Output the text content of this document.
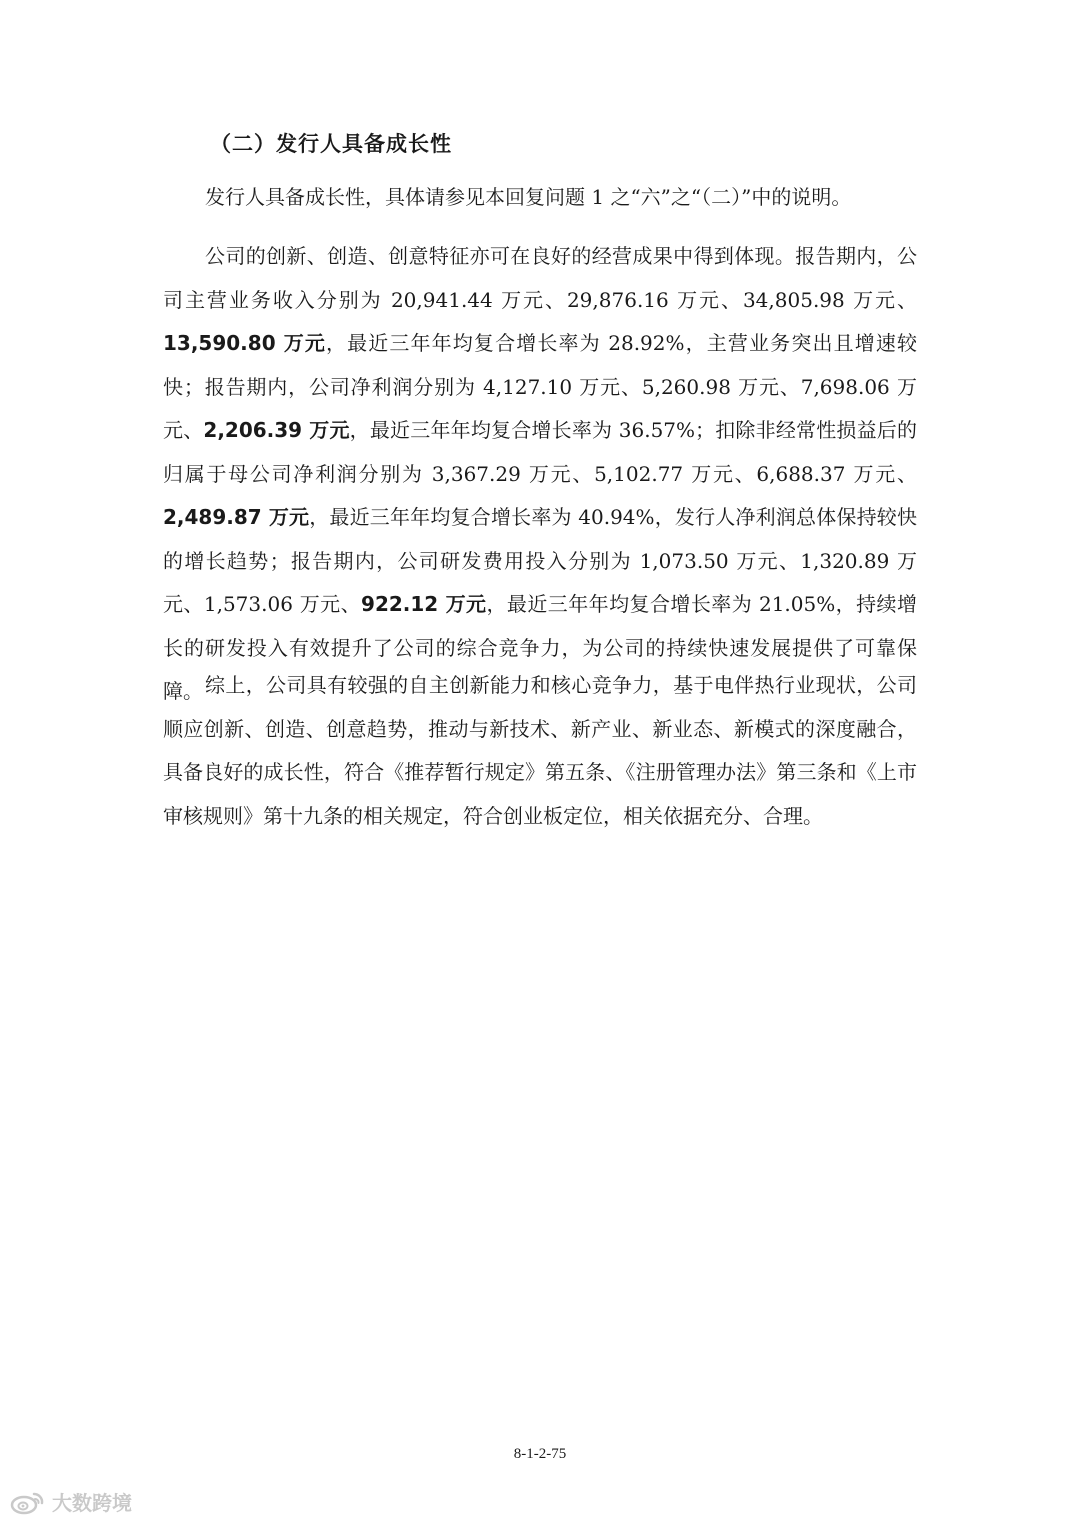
（二）发行人具备成长性

发行人具备成长性，具体请参见本回复问题 1 之“六”之“（二）”中的说明。

公司的创新、创造、创意特征亦可在良好的经营成果中得到体现。报告期内，公司主营业务收入分别为 20,941.44 万元、29,876.16 万元、34,805.98 万元、13,590.80 万元，最近三年年均复合增长率为 28.92%，主营业务突出且增速较快；报告期内，公司净利润分别为 4,127.10 万元、5,260.98 万元、7,698.06 万元、2,206.39 万元，最近三年年均复合增长率为 36.57%；扣除非经常性损益后的归属于母公司净利润分别为 3,367.29 万元、5,102.77 万元、6,688.37 万元、2,489.87 万元，最近三年年均复合增长率为 40.94%，发行人净利润总体保持较快的增长趋势；报告期内，公司研发费用投入分别为 1,073.50 万元、1,320.89 万元、1,573.06 万元、922.12 万元，最近三年年均复合增长率为 21.05%，持续增长的研发投入有效提升了公司的综合竞争力，为公司的持续快速发展提供了可靠保障。 综上，公司具有较强的自主创新能力和核心竞争力，基于电伴热行业现状，公司顺应创新、创造、创意趋势，推动与新技术、新产业、新业态、新模式的深度融合，具备良好的成长性，符合《推荐暂行规定》第五条、《注册管理办法》第三条和《上市审核规则》第十九条的相关规定，符合创业板定位，相关依据充分、合理。

8-1-2-75
大数跨境
